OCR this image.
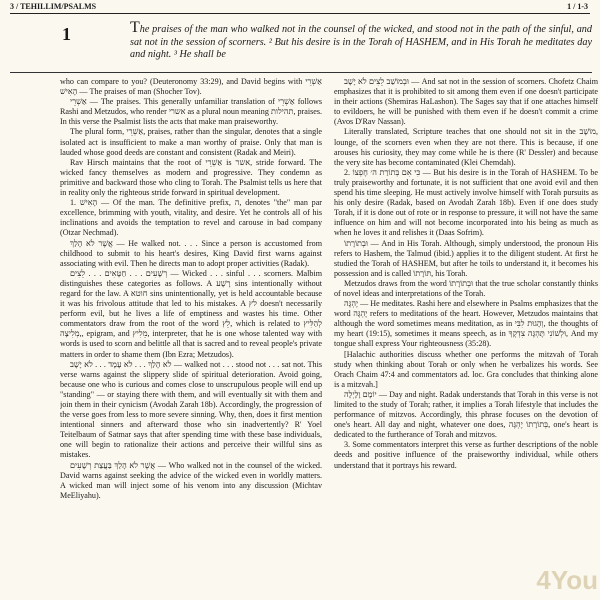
3 / TEHILLIM/PSALMS	1 / 1-3
1	The praises of the man who walked not in the counsel of the wicked, and stood not in the path of the sinful, and sat not in the session of scorners. ² But his desire is in the Torah of HASHEM, and in His Torah he meditates day and night. ³ He shall be

who can compare to you? (Deuteronomy 33:29), and David begins with אַשְׁרֵי הָאִישׁ — The praises of man (Shocher Tov).

אַשְׁרֵי — The praises. This generally unfamiliar translation of אַשְׁרֵי follows Rashi and Metzudos, who render אשרי as a plural noun meaning תהילות, praises. In this verse the Psalmist lists the acts that make man praiseworthy.

The plural form, אַשְׁרֵי, praises, rather than the singular, denotes that a single isolated act is insufficient to make a man worthy of praise. Only that man is lauded whose good deeds are constant and consistent (Radak and Meiri).

Rav Hirsch maintains that the root of אַשְׁרֵי is אשר, stride forward. The wicked fancy themselves as modern and progressive. They condemn as primitive and backward those who cling to Torah. The Psalmist tells us here that in reality only the righteous stride forward in spiritual development.

1. הָאִישׁ — Of the man. The definitive prefix, ה, denotes "the" man par excellence, brimming with youth, vitality, and desire. Yet he controls all of his inclinations and avoids the temptation to revel and carouse in bad company (Otzar Nechmad).

אֲשֶׁר לֹא הָלַךְ — He walked not. . . . Since a person is accustomed from childhood to submit to his heart's desires, King David first warns against associating with evil. Then he directs man to adopt proper activities (Radak).

רְשָׁעִים . . . חַטָּאִים . . . לֵצִים — Wicked . . . sinful . . . scorners. Malbim distinguishes these categories as follows. A רָשָׁע sins intentionally without regard for the law. A חוטא sins unintentionally, yet is held accountable because it was his frivolous attitude that led to his mistakes. A לץ doesn't necessarily perform evil, but he lives a life of emptiness and wastes his time. Other commentators draw from the root of the word לֵץ, which is related to לְהַלִּיץ ,מְלִיצָה, epigram, and מֵלִיץ, interpreter, that he is one whose talented way with words is used to scorn and belittle all that is sacred and to reveal people's private matters in order to shame them (Ibn Ezra; Metzudos).

לֹא הָלַךְ . . . לֹא עָמָד . . . לֹא יָשָׁב — walked not . . . stood not . . . sat not. This verse warns against the slippery slide of spiritual deterioration. Avoid going, because one who is curious and comes close to unscrupulous people will end up "standing" — or staying there with them, and will eventually sit with them and join them in their cynicism (Avodah Zarah 18b). Accordingly, the progression of the verse goes from less to more severe sinning. Why, then, does it first mention intentional sinners and afterward those who sin inadvertently? R' Yoel Teitelbaum of Satmar says that after spending time with these base individuals, one will begin to rationalize their actions and perceive their willful sins as mistakes.

אֲשֶׁר לֹא הָלַךְ בַּעֲצַת רְשָׁעִים — Who walked not in the counsel of the wicked. David warns against seeking the advice of the wicked even in worldly matters. A wicked man will inject some of his venom into any discussion (Michtav MeEliyahu).

וּבְמוֹשַׁב לֵצִים לֹא יָשָׁב — And sat not in the session of scorners. Chofetz Chaim emphasizes that it is prohibited to sit among them even if one doesn't participate in their actions (Shemiras HaLashon). The Sages say that if one attaches himself to evildoers, he will be punished with them even if he doesn't commit a crime (Avos D'Rav Nassan).

Literally translated, Scripture teaches that one should not sit in the מוֹשָׁב, lounge, of the scorners even when they are not there. This is because, if one arouses his curiosity, they may come while he is there (R' Dessler) and because the very site has become contaminated (Klei Chemdah).

2. כִּי אִם בְּתוֹרַת ה׳ חֶפְצוֹ — But his desire is in the Torah of HASHEM. To be truly praiseworthy and fortunate, it is not sufficient that one avoid evil and then spend his time sleeping. He must actively involve himself with Torah pursuits as his only desire (Radak, based on Avodah Zarah 18b). Even if one does study Torah, if it is done out of rote or in response to pressure, it will not have the same influence on him and will not become incorporated into his being as much as when he loves it and relishes it (Daas Sofrim).

וּבְתוֹרָתוֹ — And in His Torah. Although, simply understood, the pronoun His refers to Hashem, the Talmud (ibid.) applies it to the diligent student. At first he studied the Torah of HASHEM, but after he toils to understand it, it becomes his possession and is called תּוֹרָתוֹ, his Torah.

Metzudos draws from the word וּבְתוֹרָתוֹ that the true scholar constantly thinks of novel ideas and interpretations of the Torah.

יֶהְגֶּה — He meditates. Rashi here and elsewhere in Psalms emphasizes that the word יֶהְגֶּה refers to meditations of the heart. However, Metzudos maintains that although the word sometimes means meditation, as in וְהָגוּת לִבִּי, the thoughts of my heart (19:15), sometimes it means speech, as in וּלְשׁוֹנִי תֶּהְגֶּה צִדְקֶךָ, And my tongue shall express Your righteousness (35:28).

[Halachic authorities discuss whether one performs the mitzvah of Torah study when thinking about Torah or only when he verbalizes his words. See Orach Chaim 47:4 and commentators ad. loc. Gra concludes that thinking alone is a mitzvah.]

יוֹמָם וָלָיְלָה — Day and night. Radak understands that Torah in this verse is not limited to the study of Torah; rather, it implies a Torah lifestyle that includes the performance of mitzvos. Accordingly, this phrase focuses on the devotion of one's heart. All day and night, whatever one does, בְּתוֹרָתוֹ יֶהְגֶּה, one's heart is dedicated to the furtherance of Torah and mitzvos.

3. Some commentators interpret this verse as further descriptions of the noble deeds and positive influence of the praiseworthy individual, while others understand that it portrays his reward.

4You
